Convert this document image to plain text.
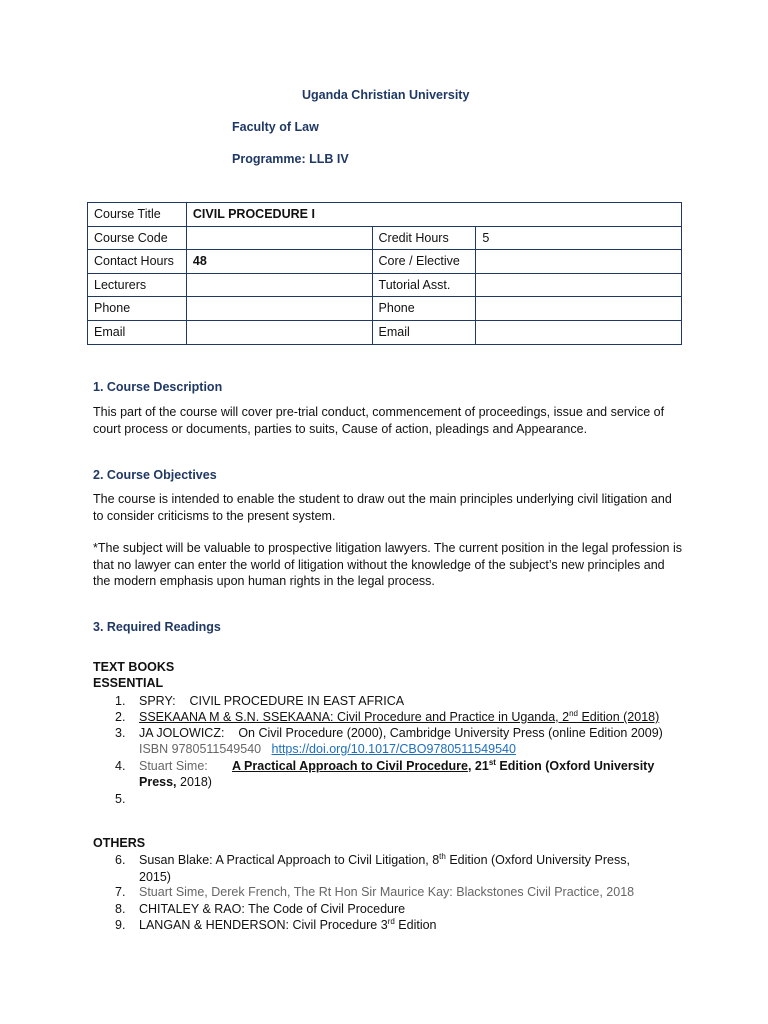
Uganda Christian University
Faculty of Law
Programme: LLB IV
Course Title	CIVIL PROCEDURE I		
Course Code		Credit Hours	5
Contact Hours	48	Core / Elective	
Lecturers		Tutorial Asst.	
Phone		Phone	
Email		Email	
1. Course Description
This part of the course will cover pre-trial conduct, commencement of proceedings, issue and service of court process or documents, parties to suits, Cause of action, pleadings and Appearance.
2. Course Objectives
The course is intended to enable the student to draw out the main principles underlying civil litigation and to consider criticisms to the present system.
*The subject will be valuable to prospective litigation lawyers. The current position in the legal profession is that no lawyer can enter the world of litigation without the knowledge of the subject’s new principles and the modern emphasis upon human rights in the legal process.
3. Required Readings
TEXT BOOKS
ESSENTIAL
1. SPRY:    CIVIL PROCEDURE IN EAST AFRICA
2. SSEKAANA M & S.N. SSEKAANA: Civil Procedure and Practice in Uganda, 2nd Edition (2018)
3. JA JOLOWICZ:    On Civil Procedure (2000), Cambridge University Press (online Edition 2009)
ISBN 9780511549540 https://doi.org/10.1017/CBO9780511549540
4. Stuart Sime:	A Practical Approach to Civil Procedure, 21st Edition (Oxford University
Press, 2018)
5.
OTHERS
6. Susan Blake: A Practical Approach to Civil Litigation, 8th Edition (Oxford University Press, 2015)
7. Stuart Sime, Derek French, The Rt Hon Sir Maurice Kay: Blackstones Civil Practice, 2018
8. CHITALEY & RAO: The Code of Civil Procedure
9. LANGAN & HENDERSON: Civil Procedure 3rd Edition
